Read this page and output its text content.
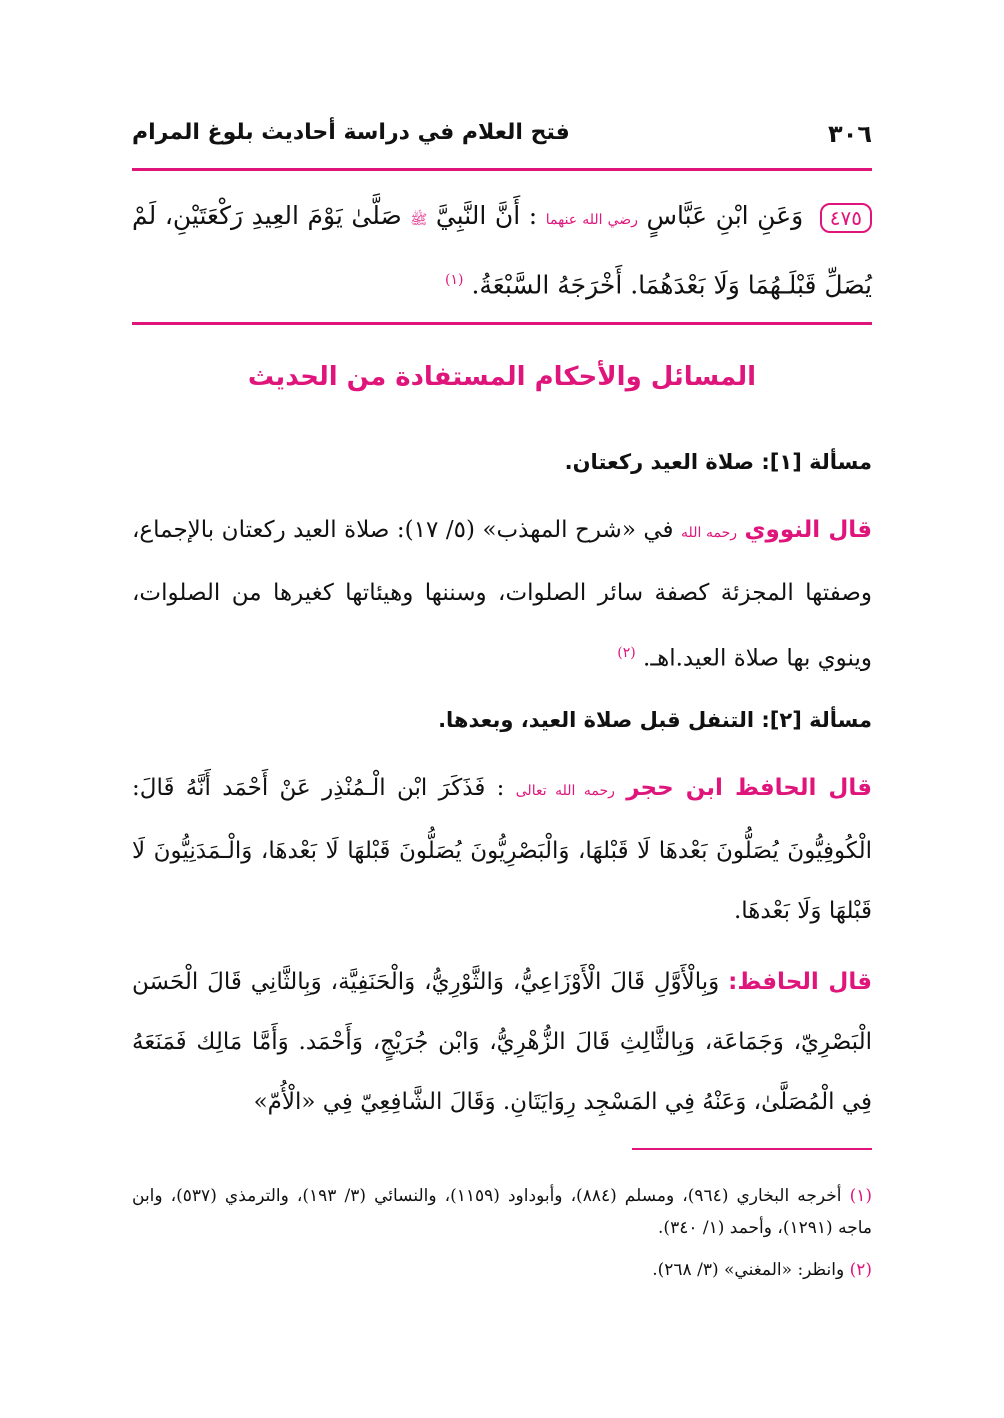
٣٠٦
فتح العلام في دراسة أحاديث بلوغ المرام
٤٧٥ وَعَنِ ابْنِ عَبَّاسٍ رضي الله عنهما : أَنَّ النَّبِيَّ ﷺ صَلَّىٰ يَوْمَ العِيدِ رَكْعَتَيْنِ، لَمْ يُصَلِّ قَبْلَـهُمَا وَلَا بَعْدَهُمَا. أَخْرَجَهُ السَّبْعَةُ. $^{(١)}$
المسائل والأحكام المستفادة من الحديث
مسألة [١]: صلاة العيد ركعتان.
قال النووي رحمه الله في «شرح المهذب» (٥/ ١٧): صلاة العيد ركعتان بالإجماع، وصفتها المجزئة كصفة سائر الصلوات، وسننها وهيئاتها كغيرها من الصلوات، وينوي بها صلاة العيد.اهـ. $^{(٢)}$
مسألة [٢]: التنفل قبل صلاة العيد، وبعدها.
قال الحافظ ابن حجر رحمه الله تعالى : فَذَكَرَ ابْن الْـمُنْذِر عَنْ أَحْمَد أَنَّهُ قَالَ: الْكُوفِيُّونَ يُصَلُّونَ بَعْدهَا لَا قَبْلهَا، وَالْبَصْرِيُّونَ يُصَلُّونَ قَبْلهَا لَا بَعْدهَا، وَالْـمَدَنِيُّونَ لَا قَبْلهَا وَلَا بَعْدهَا.
قال الحافظ: وَبِالْأَوَّلِ قَالَ الْأَوْزَاعِيُّ، وَالثَّوْرِيُّ، وَالْحَنَفِيَّة، وَبِالثَّانِي قَالَ الْحَسَن الْبَصْرِيّ، وَجَمَاعَة، وَبِالثَّالِثِ قَالَ الزُّهْرِيُّ، وَابْن جُرَيْجٍ، وَأَحْمَد. وَأَمَّا مَالِك فَمَنَعَهُ فِي الْمُصَلَّىٰ، وَعَنْهُ فِي المَسْجِد رِوَايَتَانِ. وَقَالَ الشَّافِعِيّ فِي «الْأُمّ»
(١) أخرجه البخاري (٩٦٤)، ومسلم (٨٨٤)، وأبوداود (١١٥٩)، والنسائي (٣/ ١٩٣)، والترمذي (٥٣٧)، وابن ماجه (١٢٩١)، وأحمد (١/ ٣٤٠).
(٢) وانظر: «المغني» (٣/ ٢٦٨).
